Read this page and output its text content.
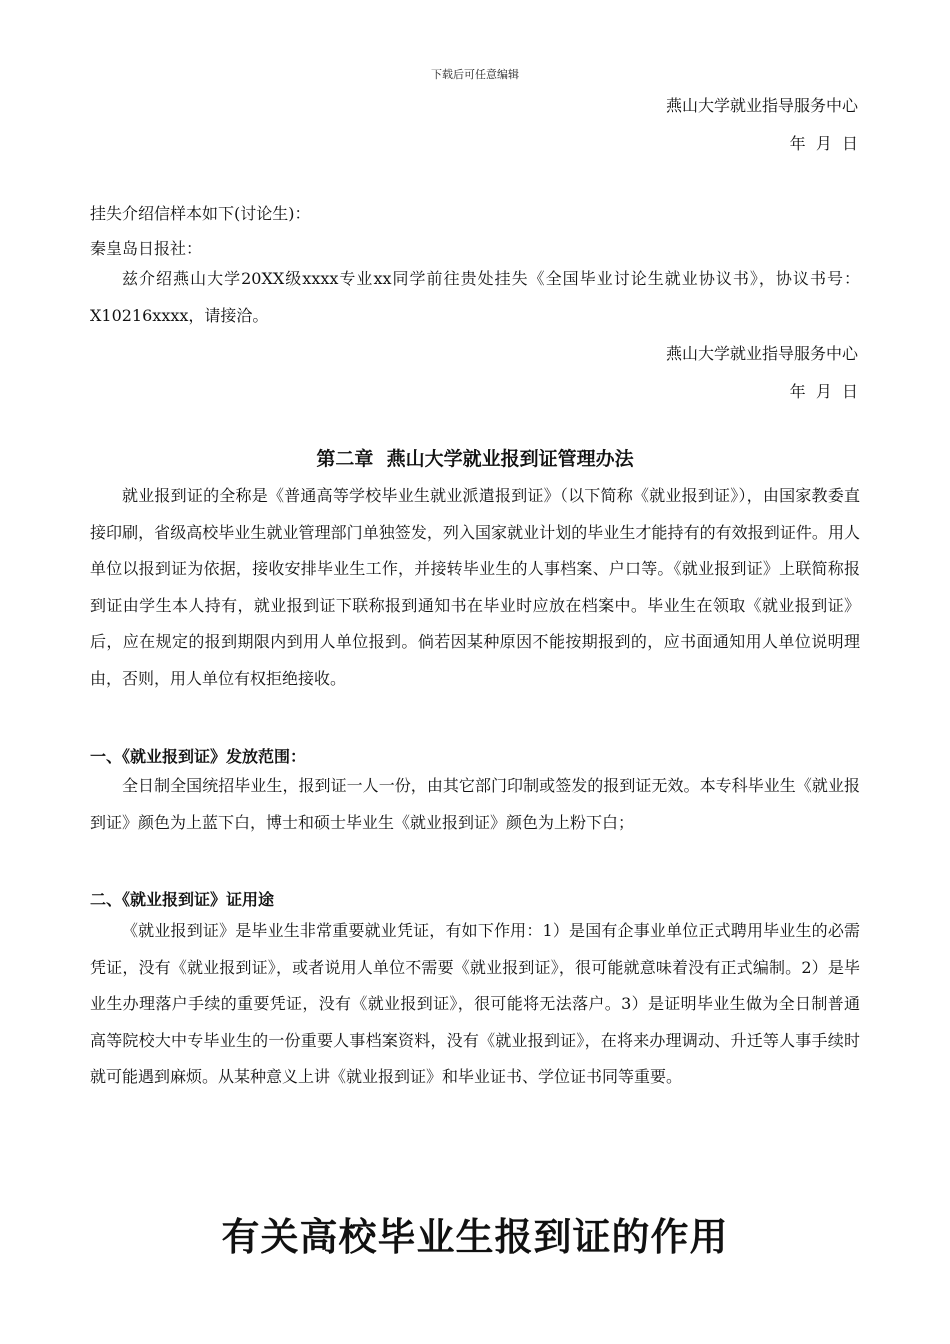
下载后可任意编辑
燕山大学就业指导服务中心
年  月  日
挂失介绍信样本如下(讨论生)：
秦皇岛日报社：

兹介绍燕山大学20XX级xxxx专业xx同学前往贵处挂失《全国毕业讨论生就业协议书》，协议书号：X10216xxxx，请接洽。

燕山大学就业指导服务中心
年  月  日
第二章  燕山大学就业报到证管理办法

就业报到证的全称是《普通高等学校毕业生就业派遣报到证》（以下简称《就业报到证》），由国家教委直接印刷，省级高校毕业生就业管理部门单独签发，列入国家就业计划的毕业生才能持有的有效报到证件。用人单位以报到证为依据，接收安排毕业生工作，并接转毕业生的人事档案、户口等。《就业报到证》上联简称报到证由学生本人持有，就业报到证下联称报到通知书在毕业时应放在档案中。毕业生在领取《就业报到证》后，应在规定的报到期限内到用人单位报到。倘若因某种原因不能按期报到的，应书面通知用人单位说明理由，否则，用人单位有权拒绝接收。

一、《就业报到证》发放范围：

全日制全国统招毕业生，报到证一人一份，由其它部门印制或签发的报到证无效。本专科毕业生《就业报到证》颜色为上蓝下白，博士和硕士毕业生《就业报到证》颜色为上粉下白；

二、《就业报到证》证用途

《就业报到证》是毕业生非常重要就业凭证，有如下作用：1）是国有企事业单位正式聘用毕业生的必需凭证，没有《就业报到证》，或者说用人单位不需要《就业报到证》，很可能就意味着没有正式编制。2）是毕业生办理落户手续的重要凭证，没有《就业报到证》，很可能将无法落户。3）是证明毕业生做为全日制普通高等院校大中专毕业生的一份重要人事档案资料，没有《就业报到证》，在将来办理调动、升迁等人事手续时就可能遇到麻烦。从某种意义上讲《就业报到证》和毕业证书、学位证书同等重要。

有关高校毕业生报到证的作用
